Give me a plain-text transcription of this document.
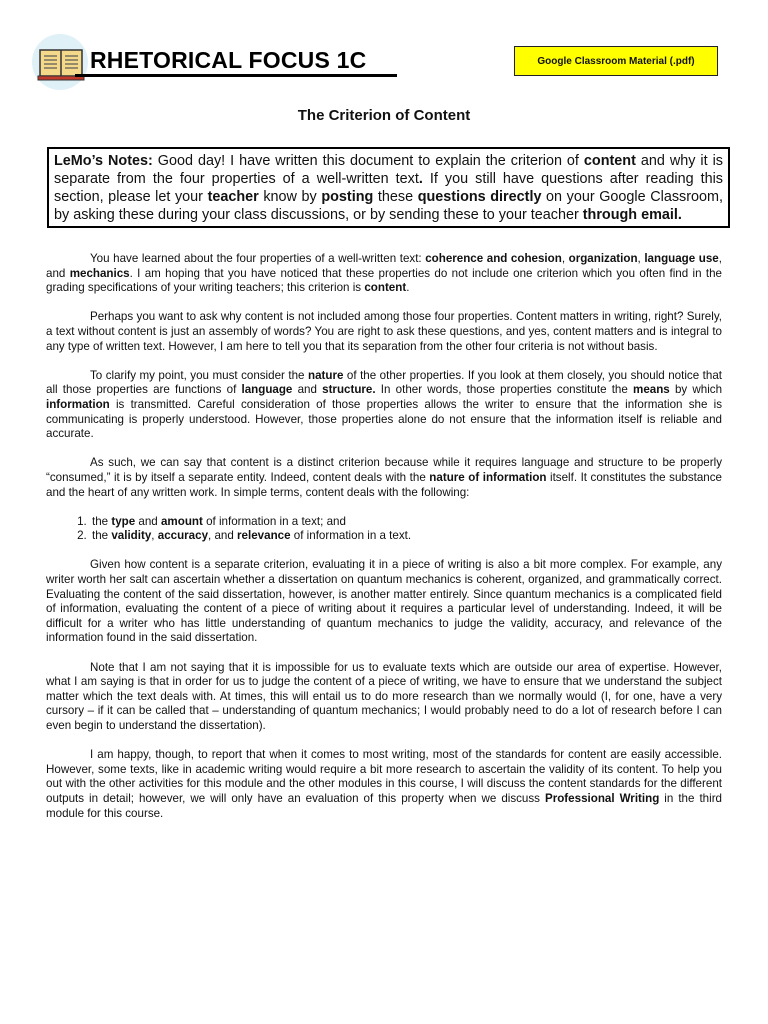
RHETORICAL FOCUS 1C	Google Classroom Material (.pdf)
The Criterion of Content
LeMo’s Notes: Good day! I have written this document to explain the criterion of content and why it is separate from the four properties of a well-written text. If you still have questions after reading this section, please let your teacher know by posting these questions directly on your Google Classroom, by asking these during your class discussions, or by sending these to your teacher through email.

You have learned about the four properties of a well-written text: coherence and cohesion, organization, language use, and mechanics. I am hoping that you have noticed that these properties do not include one criterion which you often find in the grading specifications of your writing teachers; this criterion is content.

Perhaps you want to ask why content is not included among those four properties. Content matters in writing, right? Surely, a text without content is just an assembly of words? You are right to ask these questions, and yes, content matters and is integral to any type of written text. However, I am here to tell you that its separation from the other four criteria is not without basis.

To clarify my point, you must consider the nature of the other properties. If you look at them closely, you should notice that all those properties are functions of language and structure. In other words, those properties constitute the means by which information is transmitted. Careful consideration of those properties allows the writer to ensure that the information she is communicating is properly understood. However, those properties alone do not ensure that the information itself is reliable and accurate.

As such, we can say that content is a distinct criterion because while it requires language and structure to be properly “consumed,” it is by itself a separate entity. Indeed, content deals with the nature of information itself. It constitutes the substance and the heart of any written work. In simple terms, content deals with the following:

1. the type and amount of information in a text; and
2. the validity, accuracy, and relevance of information in a text.

Given how content is a separate criterion, evaluating it in a piece of writing is also a bit more complex. For example, any writer worth her salt can ascertain whether a dissertation on quantum mechanics is coherent, organized, and grammatically correct. Evaluating the content of the said dissertation, however, is another matter entirely. Since quantum mechanics is a complicated field of information, evaluating the content of a piece of writing about it requires a particular level of understanding. Indeed, it will be difficult for a writer who has little understanding of quantum mechanics to judge the validity, accuracy, and relevance of the information found in the said dissertation.

Note that I am not saying that it is impossible for us to evaluate texts which are outside our area of expertise. However, what I am saying is that in order for us to judge the content of a piece of writing, we have to ensure that we understand the subject matter which the text deals with. At times, this will entail us to do more research than we normally would (I, for one, have a very cursory – if it can be called that – understanding of quantum mechanics; I would probably need to do a lot of research before I can even begin to understand the dissertation).

I am happy, though, to report that when it comes to most writing, most of the standards for content are easily accessible. However, some texts, like in academic writing would require a bit more research to ascertain the validity of its content. To help you out with the other activities for this module and the other modules in this course, I will discuss the content standards for the different outputs in detail; however, we will only have an evaluation of this property when we discuss Professional Writing in the third module for this course.
